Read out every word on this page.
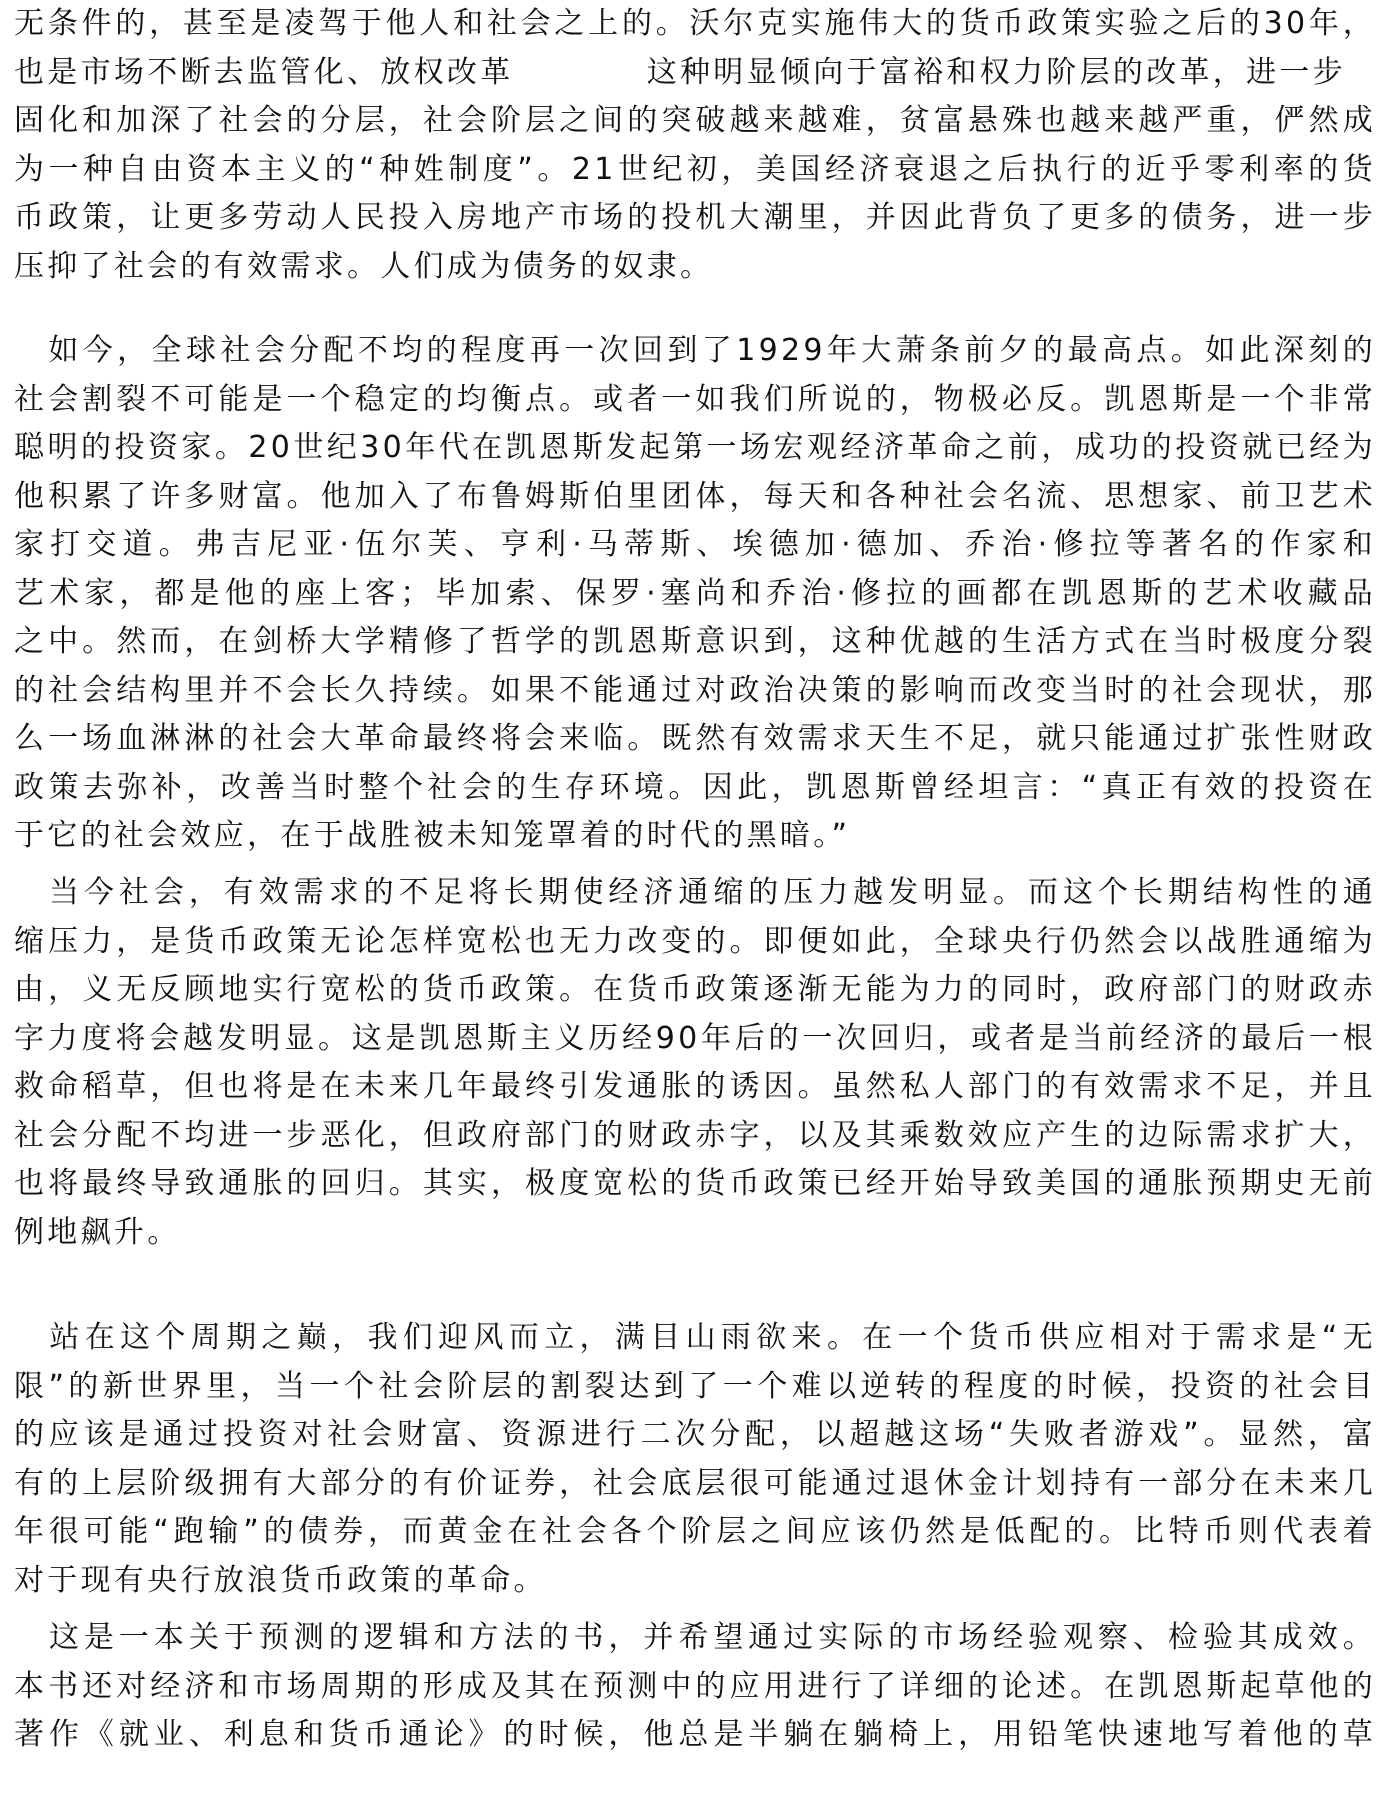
无条件的，甚至是凌驾于他人和社会之上的。沃尔克实施伟大的货币政策实验之后的30年，
也是市场不断去监管化、放权改革　　　　这种明显倾向于富裕和权力阶层的改革，进一步
固化和加深了社会的分层，社会阶层之间的突破越来越难，贫富悬殊也越来越严重，俨然成
为一种自由资本主义的“种姓制度”。21世纪初，美国经济衰退之后执行的近乎零利率的货
币政策，让更多劳动人民投入房地产市场的投机大潮里，并因此背负了更多的债务，进一步
压抑了社会的有效需求。人们成为债务的奴隶。
　如今，全球社会分配不均的程度再一次回到了1929年大萧条前夕的最高点。如此深刻的
社会割裂不可能是一个稳定的均衡点。或者一如我们所说的，物极必反。凯恩斯是一个非常
聪明的投资家。20世纪30年代在凯恩斯发起第一场宏观经济革命之前，成功的投资就已经为
他积累了许多财富。他加入了布鲁姆斯伯里团体，每天和各种社会名流、思想家、前卫艺术
家打交道。弗吉尼亚·伍尔芙、亨利·马蒂斯、埃德加·德加、乔治·修拉等著名的作家和
艺术家，都是他的座上客；毕加索、保罗·塞尚和乔治·修拉的画都在凯恩斯的艺术收藏品
之中。然而，在剑桥大学精修了哲学的凯恩斯意识到，这种优越的生活方式在当时极度分裂
的社会结构里并不会长久持续。如果不能通过对政治决策的影响而改变当时的社会现状，那
么一场血淋淋的社会大革命最终将会来临。既然有效需求天生不足，就只能通过扩张性财政
政策去弥补，改善当时整个社会的生存环境。因此，凯恩斯曾经坦言：“真正有效的投资在
于它的社会效应，在于战胜被未知笼罩着的时代的黑暗。”
　当今社会，有效需求的不足将长期使经济通缩的压力越发明显。而这个长期结构性的通
缩压力，是货币政策无论怎样宽松也无力改变的。即便如此，全球央行仍然会以战胜通缩为
由，义无反顾地实行宽松的货币政策。在货币政策逐渐无能为力的同时，政府部门的财政赤
字力度将会越发明显。这是凯恩斯主义历经90年后的一次回归，或者是当前经济的最后一根
救命稻草，但也将是在未来几年最终引发通胀的诱因。虽然私人部门的有效需求不足，并且
社会分配不均进一步恶化，但政府部门的财政赤字，以及其乘数效应产生的边际需求扩大，
也将最终导致通胀的回归。其实，极度宽松的货币政策已经开始导致美国的通胀预期史无前
例地飙升。
　站在这个周期之巅，我们迎风而立，满目山雨欲来。在一个货币供应相对于需求是“无
限”的新世界里，当一个社会阶层的割裂达到了一个难以逆转的程度的时候，投资的社会目
的应该是通过投资对社会财富、资源进行二次分配，以超越这场“失败者游戏”。显然，富
有的上层阶级拥有大部分的有价证券，社会底层很可能通过退休金计划持有一部分在未来几
年很可能“跑输”的债券，而黄金在社会各个阶层之间应该仍然是低配的。比特币则代表着
对于现有央行放浪货币政策的革命。
　这是一本关于预测的逻辑和方法的书，并希望通过实际的市场经验观察、检验其成效。
本书还对经济和市场周期的形成及其在预测中的应用进行了详细的论述。在凯恩斯起草他的
著作《就业、利息和货币通论》的时候，他总是半躺在躺椅上，用铅笔快速地写着他的草
